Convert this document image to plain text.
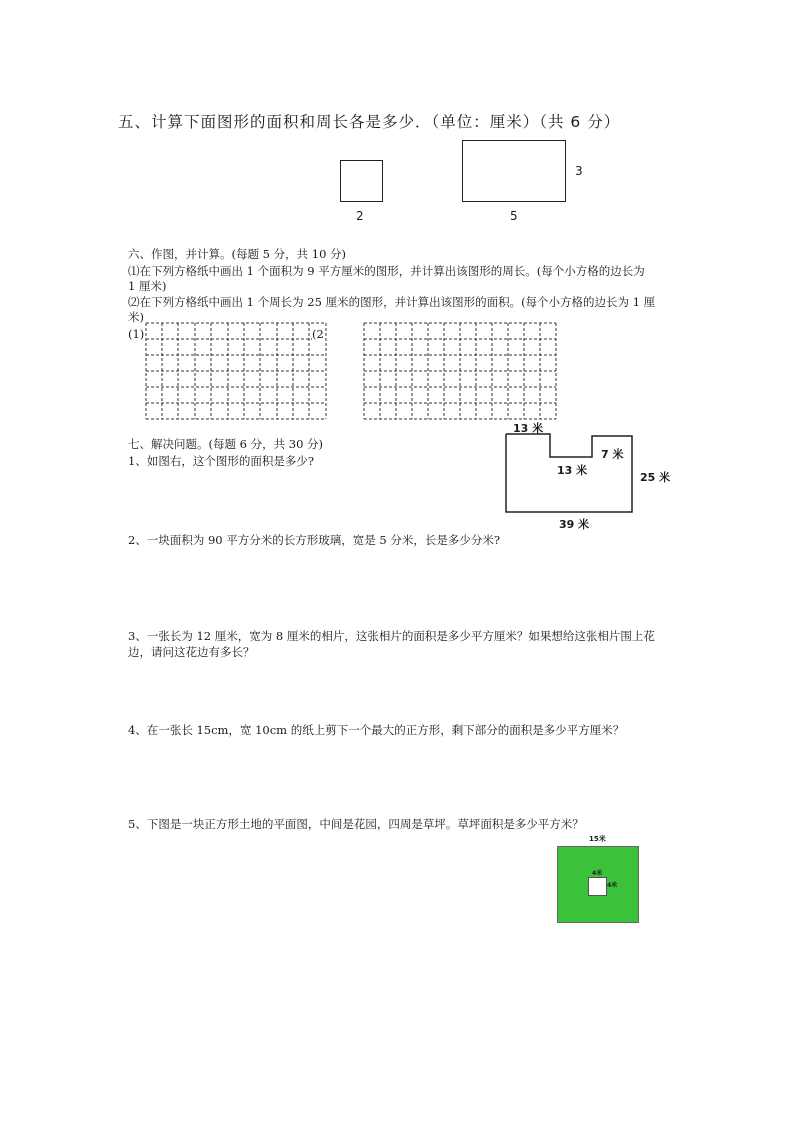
五、计算下面图形的面积和周长各是多少．（单位：厘米）（共 6 分）
2	5
3
六、作图，并计算。(每题 5 分，共 10 分)
⑴在下列方格纸中画出 1 个面积为 9 平方厘米的图形，并计算出该图形的周长。(每个小方格的边长为
1 厘米)
⑵在下列方格纸中画出 1 个周长为 25 厘米的图形，并计算出该图形的面积。(每个小方格的边长为 1 厘
米)
(1)	(2
七、解决问题。(每题 6 分，共 30 分)
1、如图右，这个图形的面积是多少?
13 米
13 米
7 米
25 米
39 米
2、一块面积为 90 平方分米的长方形玻璃，宽是 5 分米，长是多少分米?
3、一张长为 12 厘米，宽为 8 厘米的相片，这张相片的面积是多少平方厘米？如果想给这张相片围上花
边，请问这花边有多长？
4、在一张长 15cm，宽 10cm 的纸上剪下一个最大的正方形，剩下部分的面积是多少平方厘米？
5、下图是一块正方形土地的平面图，中间是花园，四周是草坪。草坪面积是多少平方米？
15米
4米
4米
